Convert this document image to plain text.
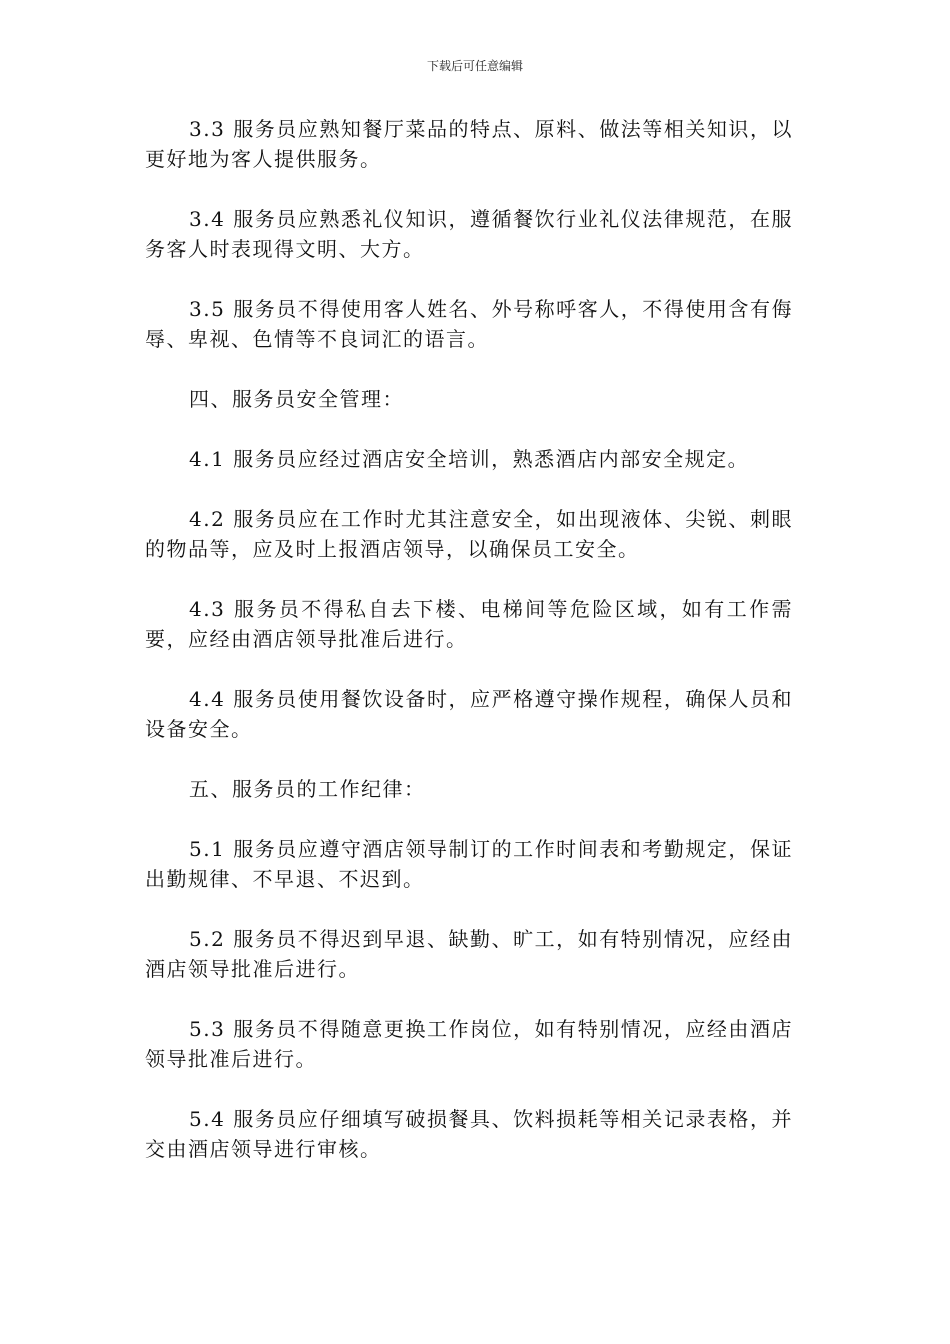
下载后可任意编辑

3.3 服务员应熟知餐厅菜品的特点、原料、做法等相关知识，以更好地为客人提供服务。

3.4 服务员应熟悉礼仪知识，遵循餐饮行业礼仪法律规范，在服务客人时表现得文明、大方。

3.5 服务员不得使用客人姓名、外号称呼客人，不得使用含有侮辱、卑视、色情等不良词汇的语言。

四、服务员安全管理：

4.1 服务员应经过酒店安全培训，熟悉酒店内部安全规定。

4.2 服务员应在工作时尤其注意安全，如出现液体、尖锐、刺眼的物品等，应及时上报酒店领导，以确保员工安全。

4.3 服务员不得私自去下楼、电梯间等危险区域，如有工作需要，应经由酒店领导批准后进行。

4.4 服务员使用餐饮设备时，应严格遵守操作规程，确保人员和设备安全。

五、服务员的工作纪律：

5.1 服务员应遵守酒店领导制订的工作时间表和考勤规定，保证出勤规律、不早退、不迟到。

5.2 服务员不得迟到早退、缺勤、旷工，如有特别情况，应经由酒店领导批准后进行。

5.3 服务员不得随意更换工作岗位，如有特别情况，应经由酒店领导批准后进行。

5.4 服务员应仔细填写破损餐具、饮料损耗等相关记录表格，并交由酒店领导进行审核。
